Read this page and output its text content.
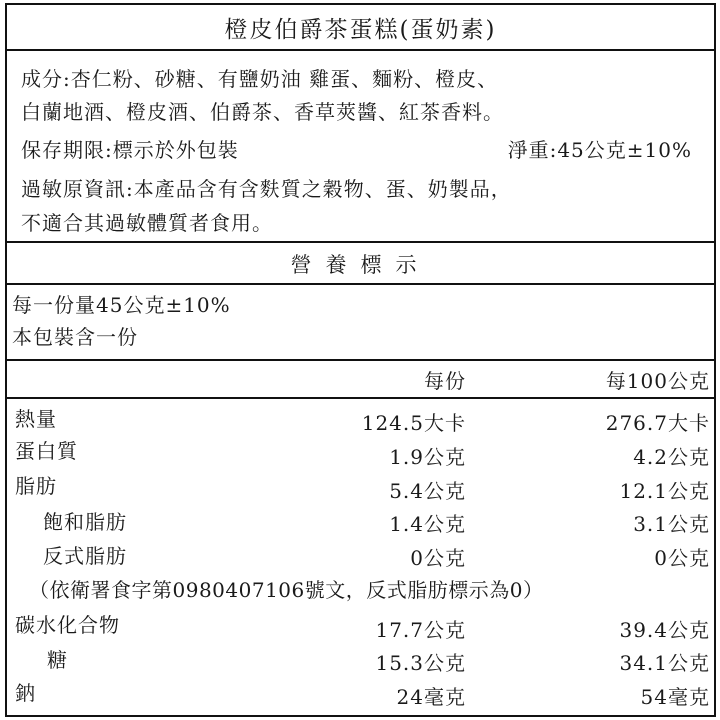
橙皮伯爵茶蛋糕(蛋奶素)
成分:杏仁粉、砂糖、有鹽奶油 雞蛋、麵粉、橙皮、
白蘭地酒、橙皮酒、伯爵茶、香草莢醬、紅茶香料。
保存期限:標示於外包裝	淨重:45公克±10%
過敏原資訊:本產品含有含麩質之穀物、蛋、奶製品，
不適合其過敏體質者食用。
營養標示
每一份量45公克±10%
本包裝含一份
每份	每100公克
熱量	124.5大卡	276.7大卡
蛋白質	1.9公克	4.2公克
脂肪	5.4公克	12.1公克
飽和脂肪	1.4公克	3.1公克
反式脂肪	0公克	0公克
（依衛署食字第0980407106號文，反式脂肪標示為0）
碳水化合物	17.7公克	39.4公克
糖	15.3公克	34.1公克
鈉	24毫克	54毫克
